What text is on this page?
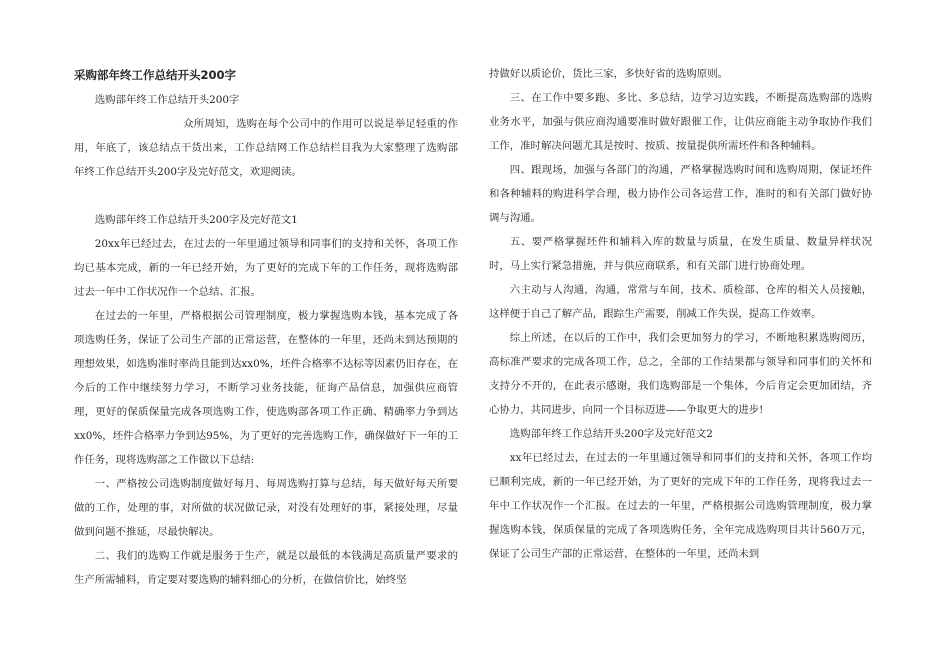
采购部年终工作总结开头200字
选购部年终工作总结开头200字

众所周知，选购在每个公司中的作用可以说是举足轻重的作用，年底了，该总结点干货出来，工作总结网工作总结栏目我为大家整理了选购部年终工作总结开头200字及完好范文，欢迎阅读。

选购部年终工作总结开头200字及完好范文1

20xx年已经过去，在过去的一年里通过领导和同事们的支持和关怀，各项工作均已基本完成，新的一年已经开始，为了更好的完成下年的工作任务，现将选购部过去一年中工作状况作一个总结、汇报。

在过去的一年里，严格根据公司管理制度，极力掌握选购本钱，基本完成了各项选购任务，保证了公司生产部的正常运营，在整体的一年里，还尚未到达预期的理想效果，如选购准时率尚且能到达xx0%，坯件合格率不达标等因素仍旧存在，在今后的工作中继续努力学习，不断学习业务技能，征询产品信息，加强供应商管理，更好的保质保量完成各项选购工作，使选购部各项工作正确、精确率力争到达xx0%，坯件合格率力争到达95%，为了更好的完善选购工作，确保做好下一年的工作任务，现将选购部之工作做以下总结:

一、严格按公司选购制度做好每月、每周选购打算与总结，每天做好每天所要做的工作，处理的事，对所做的状况做记录，对没有处理好的事，紧接处理，尽量做到问题不推延，尽最快解决。

二、我们的选购工作就是服务于生产，就是以最低的本钱满足高质量严要求的生产所需辅料，肯定要对要选购的辅料细心的分析，在做信价比，始终坚

持做好以质论价，货比三家，多快好省的选购原则。

三、在工作中要多跑、多比、多总结，边学习边实践，不断提高选购部的选购业务水平，加强与供应商沟通要准时做好跟催工作，让供应商能主动争取协作我们工作，准时解决问题尤其是按时、按质、按量提供所需坯件和各种辅料。

四、跟现场，加强与各部门的沟通，严格掌握选购时间和选购周期，保证坯件和各种辅料的购进科学合理，极力协作公司各运营工作，准时的和有关部门做好协调与沟通。

五、要严格掌握坯件和辅料入库的数量与质量，在发生质量、数量异样状况时，马上实行紧急措施，并与供应商联系，和有关部门进行协商处理。

六主动与人沟通，沟通，常常与车间，技术、质检部、仓库的相关人员接触，这样便于自己了解产品，跟踪生产需要，削减工作失误，提高工作效率。

综上所述，在以后的工作中，我们会更加努力的学习，不断地积累选购阅历，高标准严要求的完成各项工作，总之，全部的工作结果都与领导和同事们的关怀和支持分不开的，在此表示感谢，我们选购部是一个集体，今后肯定会更加团结，齐心协力，共同进步，向同一个目标迈进——争取更大的进步!

选购部年终工作总结开头200字及完好范文2

xx年已经过去，在过去的一年里通过领导和同事们的支持和关怀，各项工作均已顺利完成，新的一年已经开始，为了更好的完成下年的工作任务，现将我过去一年中工作状况作一个汇报。在过去的一年里，严格根据公司选购管理制度，极力掌握选购本钱，保质保量的完成了各项选购任务，全年完成选购项目共计560万元，保证了公司生产部的正常运营，在整体的一年里，还尚未到
